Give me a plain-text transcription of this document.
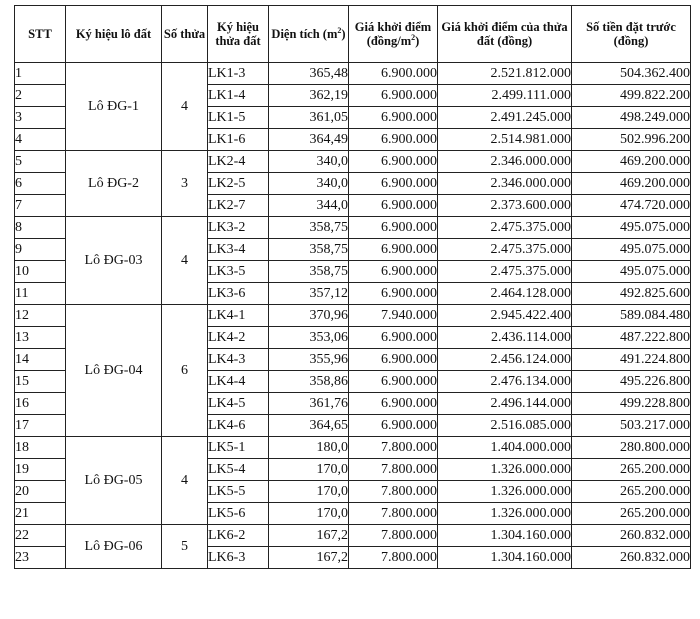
STT	Ký hiệu lô đất	Số thửa	Ký hiệu thửa đất	Diện tích $(m^2)$	Giá khởi điểm $(đồng/m^2)$	Giá khởi điểm của thửa đất (đồng)	Số tiền đặt trước (đồng)
1	Lô ĐG-1	4	LK1-3	365,48	6.900.000	2.521.812.000	504.362.400
2			LK1-4	362,19	6.900.000	2.499.111.000	499.822.200
3			LK1-5	361,05	6.900.000	2.491.245.000	498.249.000
4			LK1-6	364,49	6.900.000	2.514.981.000	502.996.200
5	Lô ĐG-2	3	LK2-4	340,0	6.900.000	2.346.000.000	469.200.000
6			LK2-5	340,0	6.900.000	2.346.000.000	469.200.000
7			LK2-7	344,0	6.900.000	2.373.600.000	474.720.000
8	Lô ĐG-03	4	LK3-2	358,75	6.900.000	2.475.375.000	495.075.000
9			LK3-4	358,75	6.900.000	2.475.375.000	495.075.000
10			LK3-5	358,75	6.900.000	2.475.375.000	495.075.000
11			LK3-6	357,12	6.900.000	2.464.128.000	492.825.600
12	Lô ĐG-04	6	LK4-1	370,96	7.940.000	2.945.422.400	589.084.480
13			LK4-2	353,06	6.900.000	2.436.114.000	487.222.800
14			LK4-3	355,96	6.900.000	2.456.124.000	491.224.800
15			LK4-4	358,86	6.900.000	2.476.134.000	495.226.800
16			LK4-5	361,76	6.900.000	2.496.144.000	499.228.800
17			LK4-6	364,65	6.900.000	2.516.085.000	503.217.000
18	Lô ĐG-05	4	LK5-1	180,0	7.800.000	1.404.000.000	280.800.000
19			LK5-4	170,0	7.800.000	1.326.000.000	265.200.000
20			LK5-5	170,0	7.800.000	1.326.000.000	265.200.000
21			LK5-6	170,0	7.800.000	1.326.000.000	265.200.000
22	Lô ĐG-06	5	LK6-2	167,2	7.800.000	1.304.160.000	260.832.000
23			LK6-3	167,2	7.800.000	1.304.160.000	260.832.000
